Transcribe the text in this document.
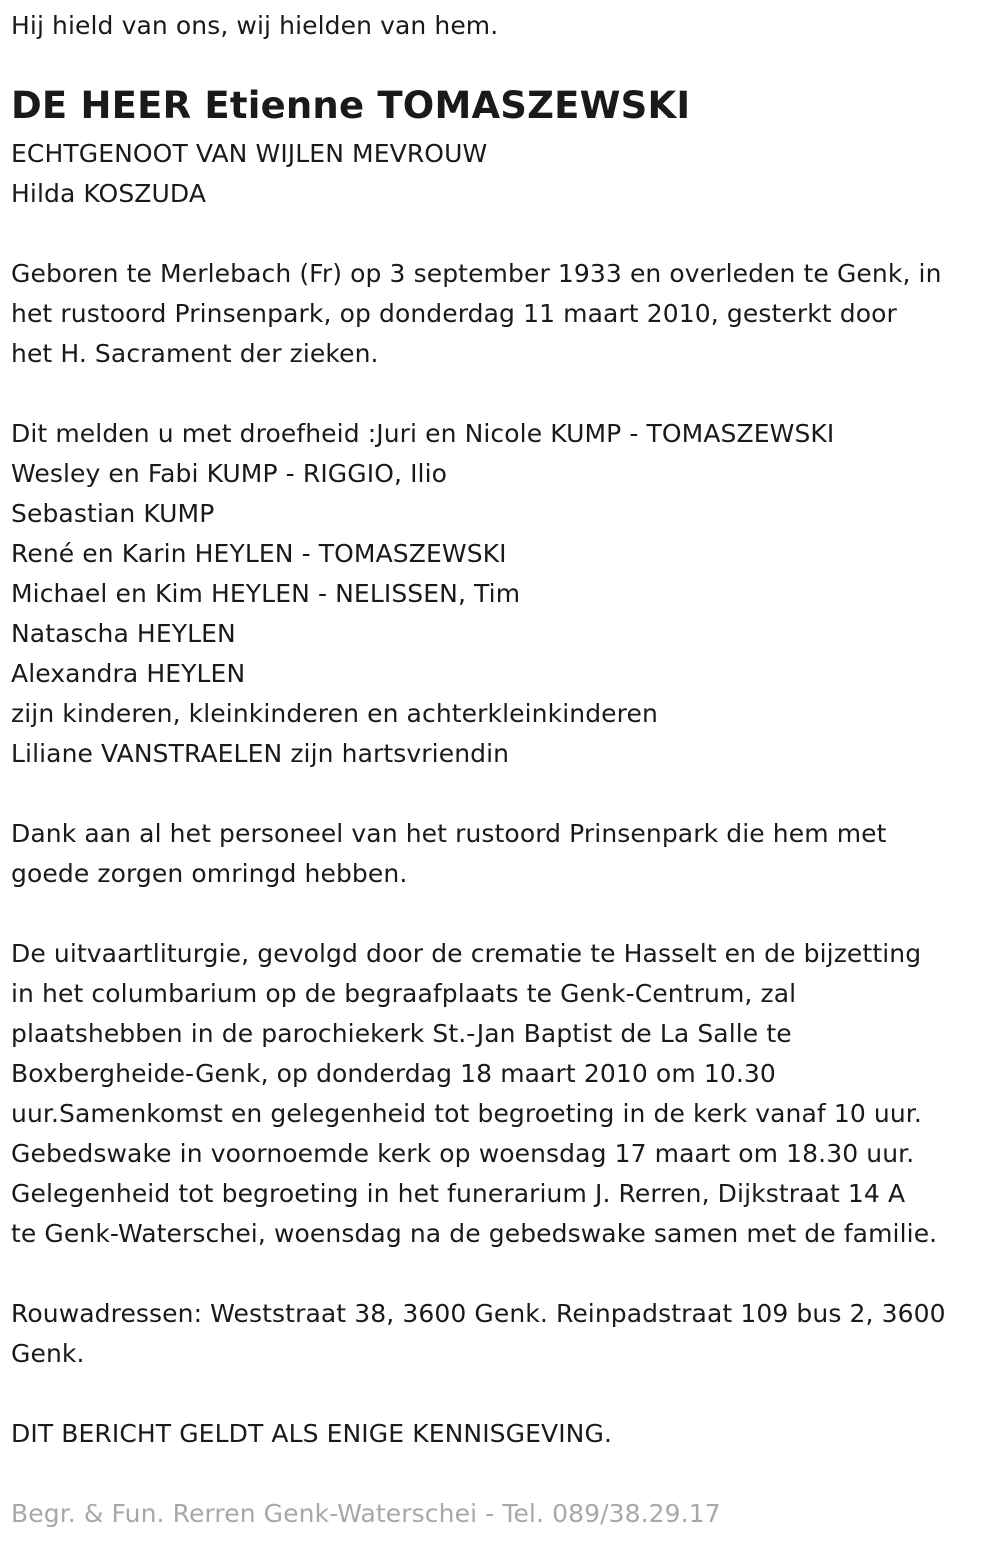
Hij hield van ons, wij hielden van hem.
DE HEER Etienne TOMASZEWSKI
ECHTGENOOT VAN WIJLEN MEVROUW
Hilda KOSZUDA
Geboren te Merlebach (Fr) op 3 september 1933 en overleden te Genk, in
het rustoord Prinsenpark, op donderdag 11 maart 2010, gesterkt door
het H. Sacrament der zieken.
Dit melden u met droefheid :Juri en Nicole KUMP - TOMASZEWSKI
Wesley en Fabi KUMP - RIGGIO, Ilio
Sebastian KUMP
René en Karin HEYLEN - TOMASZEWSKI
Michael en Kim HEYLEN - NELISSEN, Tim
Natascha HEYLEN
Alexandra HEYLEN
zijn kinderen, kleinkinderen en achterkleinkinderen
Liliane VANSTRAELEN zijn hartsvriendin
Dank aan al het personeel van het rustoord Prinsenpark die hem met
goede zorgen omringd hebben.
De uitvaartliturgie, gevolgd door de crematie te Hasselt en de bijzetting
in het columbarium op de begraafplaats te Genk-Centrum, zal
plaatshebben in de parochiekerk St.-Jan Baptist de La Salle te
Boxbergheide-Genk, op donderdag 18 maart 2010 om 10.30
uur.Samenkomst en gelegenheid tot begroeting in de kerk vanaf 10 uur.
Gebedswake in voornoemde kerk op woensdag 17 maart om 18.30 uur.
Gelegenheid tot begroeting in het funerarium J. Rerren, Dijkstraat 14 A
te Genk-Waterschei, woensdag na de gebedswake samen met de familie.
Rouwadressen: Weststraat 38, 3600 Genk. Reinpadstraat 109 bus 2, 3600
Genk.
DIT BERICHT GELDT ALS ENIGE KENNISGEVING.
Begr. & Fun. Rerren Genk-Waterschei - Tel. 089/38.29.17
